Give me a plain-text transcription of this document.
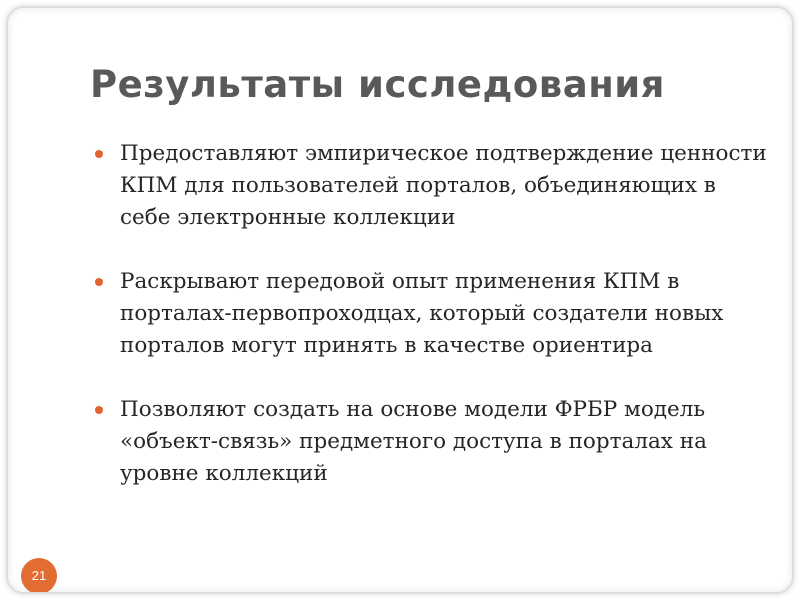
Результаты исследования
Предоставляют эмпирическое подтверждение ценности КПМ для пользователей порталов, объединяющих в себе электронные коллекции
Раскрывают передовой опыт применения КПМ в порталах-первопроходцах, который создатели новых порталов могут принять в качестве ориентира
Позволяют создать на основе модели ФРБР модель «объект-связь» предметного доступа в порталах на уровне коллекций
21
